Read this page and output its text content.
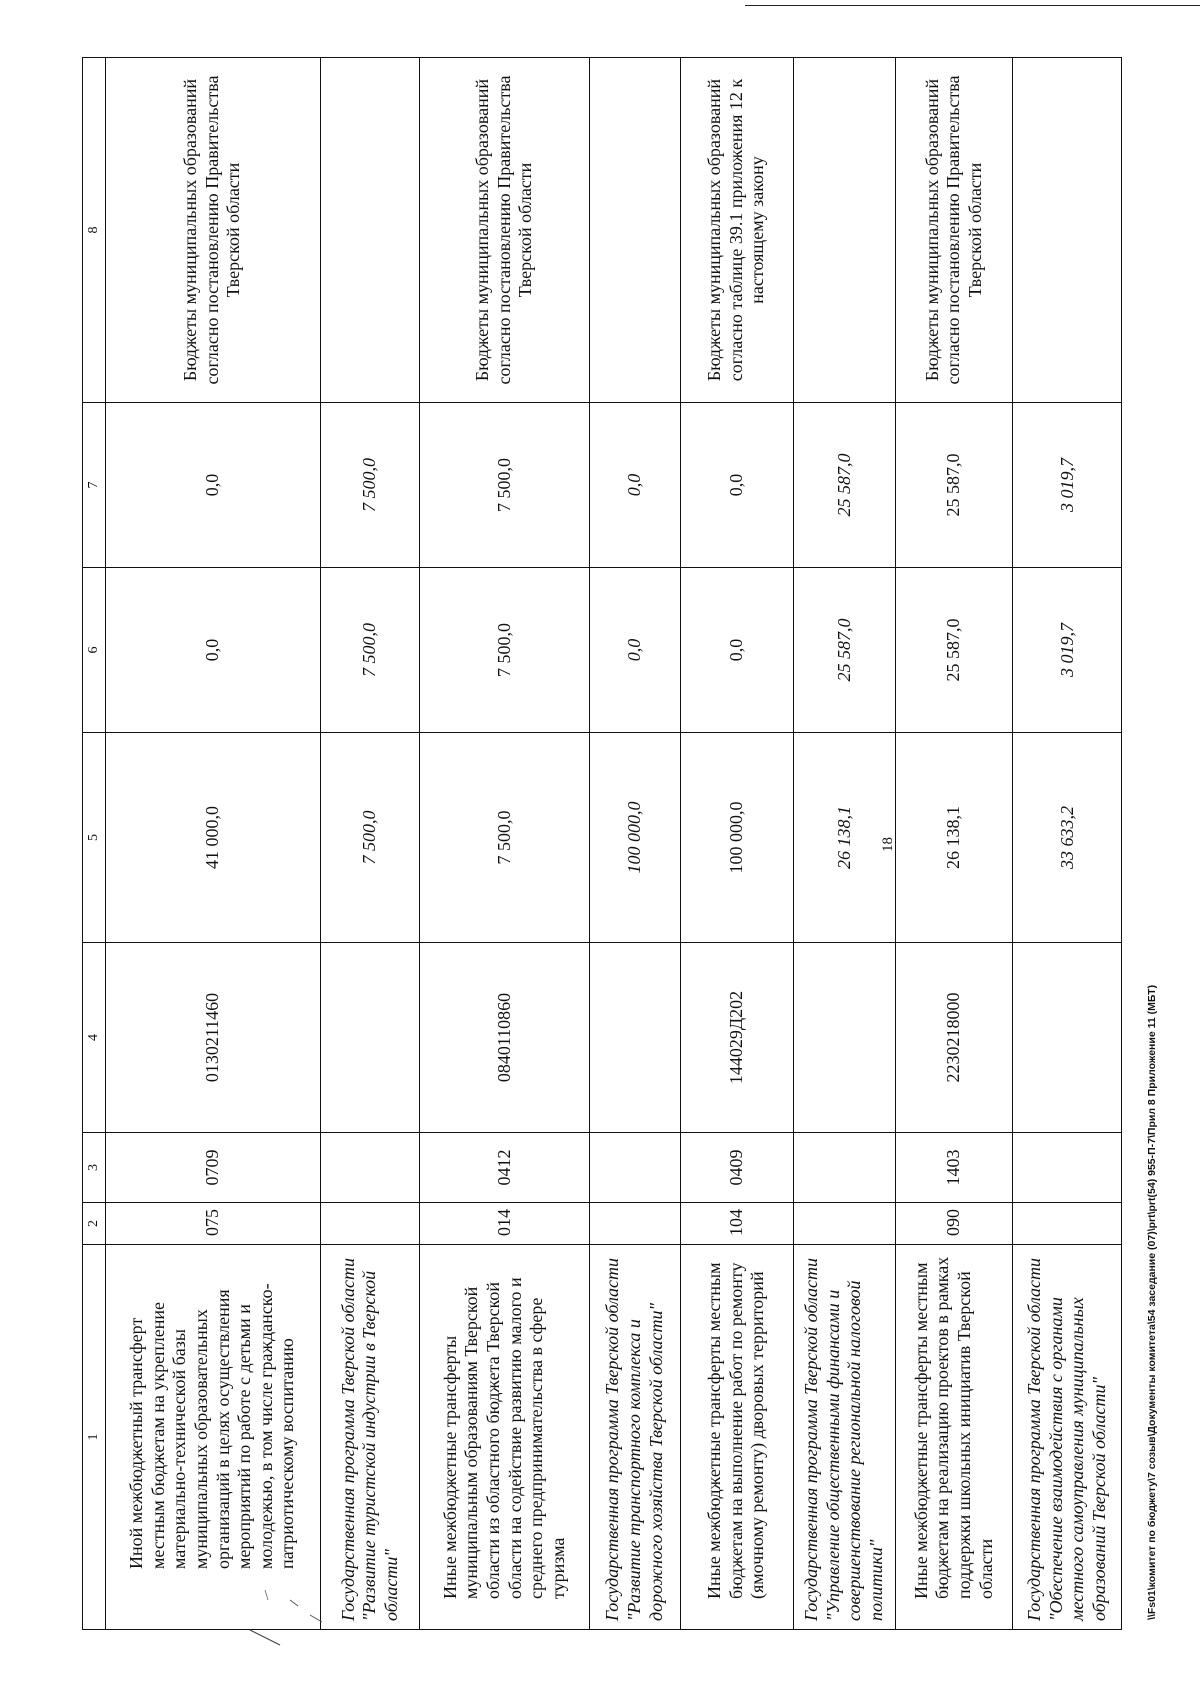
18
1	2	3	4	5	6	7	8
Иной межбюджетный трансферт местным бюджетам на укрепление материально-технической базы муниципальных образовательных организаций в целях осуществления мероприятий по работе с детьми и молодежью, в том числе гражданско-патриотическому воспитанию	075	0709	0130211460	41 000,0	0,0	0,0	Бюджеты муниципальных образований согласно постановлению Правительства Тверской области
Государственная программа Тверской области "Развитие туристской индустрии в Тверской области"				7 500,0	7 500,0	7 500,0	
Иные межбюджетные трансферты муниципальным образованиям Тверской области из областного бюджета Тверской области на содействие развитию малого и среднего предпринимательства в сфере туризма	014	0412	0840110860	7 500,0	7 500,0	7 500,0	Бюджеты муниципальных образований согласно постановлению Правительства Тверской области
Государственная программа Тверской области "Развитие транспортного комплекса и дорожного хозяйства Тверской области"				100 000,0	0,0	0,0	
Иные межбюджетные трансферты местным бюджетам на выполнение работ по ремонту (ямочному ремонту) дворовых территорий	104	0409	144029Д202	100 000,0	0,0	0,0	Бюджеты муниципальных образований согласно таблице 39.1 приложения 12 к настоящему закону
Государственная программа Тверской области "Управление общественными финансами и совершенствование региональной налоговой политики"				26 138,1	25 587,0	25 587,0	
Иные межбюджетные трансферты местным бюджетам на реализацию проектов в рамках поддержки школьных инициатив Тверской области	090	1403	2230218000	26 138,1	25 587,0	25 587,0	Бюджеты муниципальных образований согласно постановлению Правительства Тверской области
Государственная программа Тверской области "Обеспечение взаимодействия с органами местного самоуправления муниципальных образований Тверской области"				33 633,2	3 019,7	3 019,7	
\\Fs01\комитет по бюджету\7 созыв\Документы комитета\54 заседание (07)\prt\prt(54) 955-П-7\Прил 8 Приложение 11 (МБТ)
